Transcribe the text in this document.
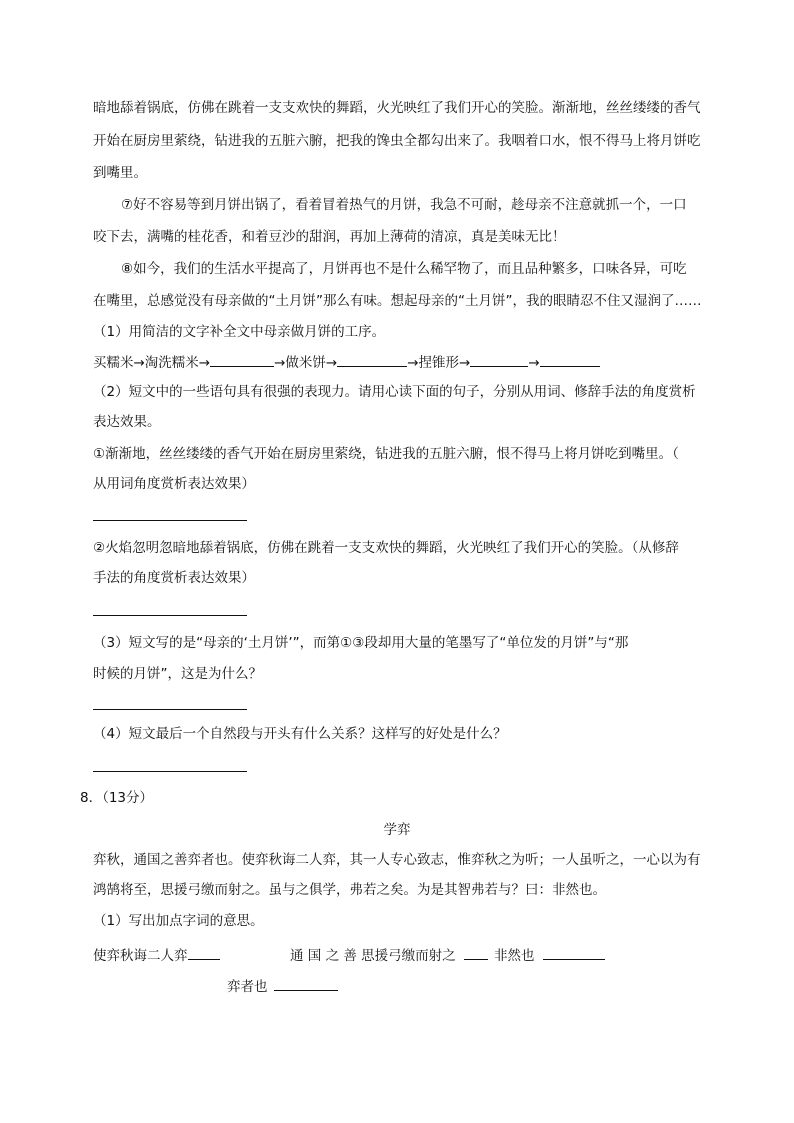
暗地舔着锅底，仿佛在跳着一支支欢快的舞蹈，火光映红了我们开心的笑脸。渐渐地，丝丝缕缕的香气
开始在厨房里萦绕，钻进我的五脏六腑，把我的馋虫全都勾出来了。我咽着口水，恨不得马上将月饼吃
到嘴里。
⑦好不容易等到月饼出锅了，看着冒着热气的月饼，我急不可耐，趁母亲不注意就抓一个，一口
咬下去，满嘴的桂花香，和着豆沙的甜润，再加上薄荷的清凉，真是美味无比！
⑧如今，我们的生活水平提高了，月饼再也不是什么稀罕物了，而且品种繁多，口味各异，可吃
在嘴里，总感觉没有母亲做的“土月饼”那么有味。想起母亲的“土月饼”，我的眼睛忍不住又湿润了……
（1）用简洁的文字补全文中母亲做月饼的工序。
买糯米→淘洗糯米→	→做米饼→	→捏锥形→	→
（2）短文中的一些语句具有很强的表现力。请用心读下面的句子，分别从用词、修辞手法的角度赏析
表达效果。
①渐渐地，丝丝缕缕的香气开始在厨房里萦绕，钻进我的五脏六腑，恨不得马上将月饼吃到嘴里。（
从用词角度赏析表达效果）
②火焰忽明忽暗地舔着锅底，仿佛在跳着一支支欢快的舞蹈，火光映红了我们开心的笑脸。（从修辞
手法的角度赏析表达效果）
（3）短文写的是“母亲的‘土月饼’”，而第①③段却用大量的笔墨写了“单位发的月饼”与“那
时候的月饼”，这是为什么？
（4）短文最后一个自然段与开头有什么关系？这样写的好处是什么？
8．（13分）
学弈
弈秋，通国之善弈者也。使弈秋诲二人弈，其一人专心致志，惟弈秋之为听；一人虽听之，一心以为有
鸿鹄将至，思援弓缴而射之。虽与之俱学，弗若之矣。为是其智弗若与？曰：非然也。
（1）写出加点字词的意思。
使弈秋诲二人弈	通 国 之 善 思援弓缴而射之	非然也
弈者也
